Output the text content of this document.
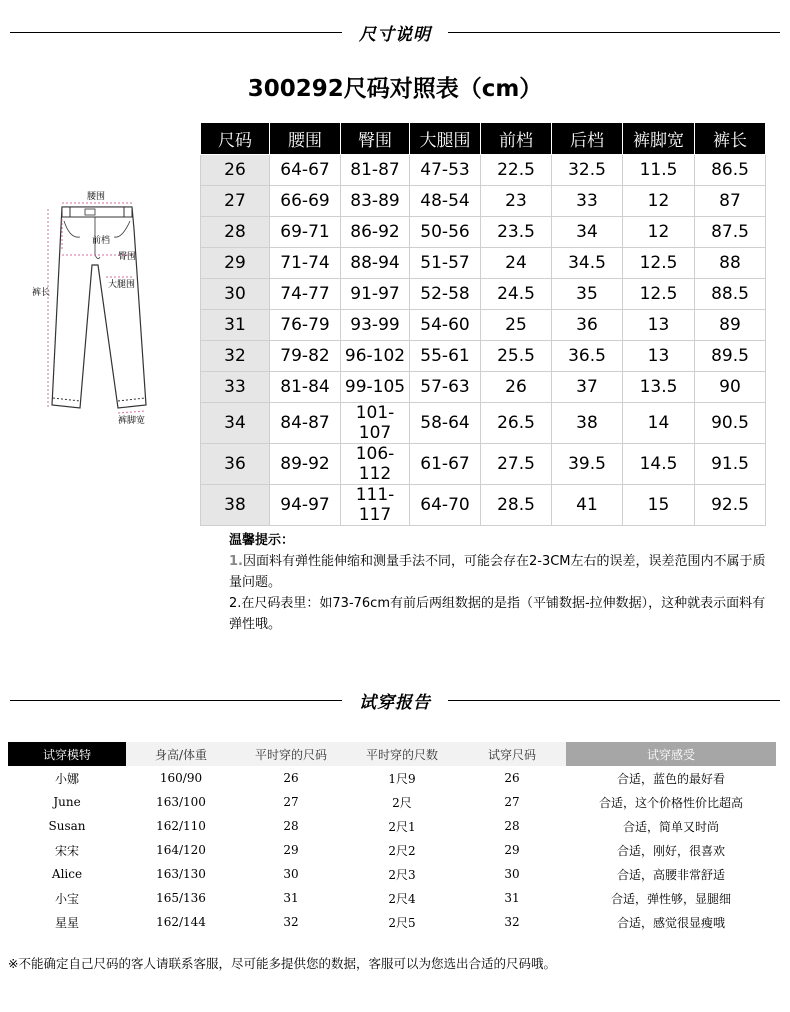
尺寸说明
300292尺码对照表（cm）
腰围
前档
臀围
大腿围
裤长
裤脚宽
尺码	腰围	臀围	大腿围	前档	后档	裤脚宽	裤长
26	64-67	81-87	47-53	22.5	32.5	11.5	86.5
27	66-69	83-89	48-54	23	33	12	87
28	69-71	86-92	50-56	23.5	34	12	87.5
29	71-74	88-94	51-57	24	34.5	12.5	88
30	74-77	91-97	52-58	24.5	35	12.5	88.5
31	76-79	93-99	54-60	25	36	13	89
32	79-82	96-102	55-61	25.5	36.5	13	89.5
33	81-84	99-105	57-63	26	37	13.5	90
34	84-87	101-107	58-64	26.5	38	14	90.5
36	89-92	106-112	61-67	27.5	39.5	14.5	91.5
38	94-97	111-117	64-70	28.5	41	15	92.5
温馨提示：
1.因面料有弹性能伸缩和测量手法不同，可能会存在2-3CM左右的误差，误差范围内不属于质量问题。
2.在尺码表里：如73-76cm有前后两组数据的是指（平铺数据-拉伸数据），这种就表示面料有弹性哦。
试穿报告
试穿模特	身高/体重	平时穿的尺码	平时穿的尺数	试穿尺码	试穿感受
小娜	160/90	26	1尺9	26	合适，蓝色的最好看
June	163/100	27	2尺	27	合适，这个价格性价比超高
Susan	162/110	28	2尺1	28	合适，简单又时尚
宋宋	164/120	29	2尺2	29	合适，刚好，很喜欢
Alice	163/130	30	2尺3	30	合适，高腰非常舒适
小宝	165/136	31	2尺4	31	合适，弹性够，显腿细
星星	162/144	32	2尺5	32	合适，感觉很显瘦哦
※不能确定自己尺码的客人请联系客服，尽可能多提供您的数据，客服可以为您选出合适的尺码哦。
